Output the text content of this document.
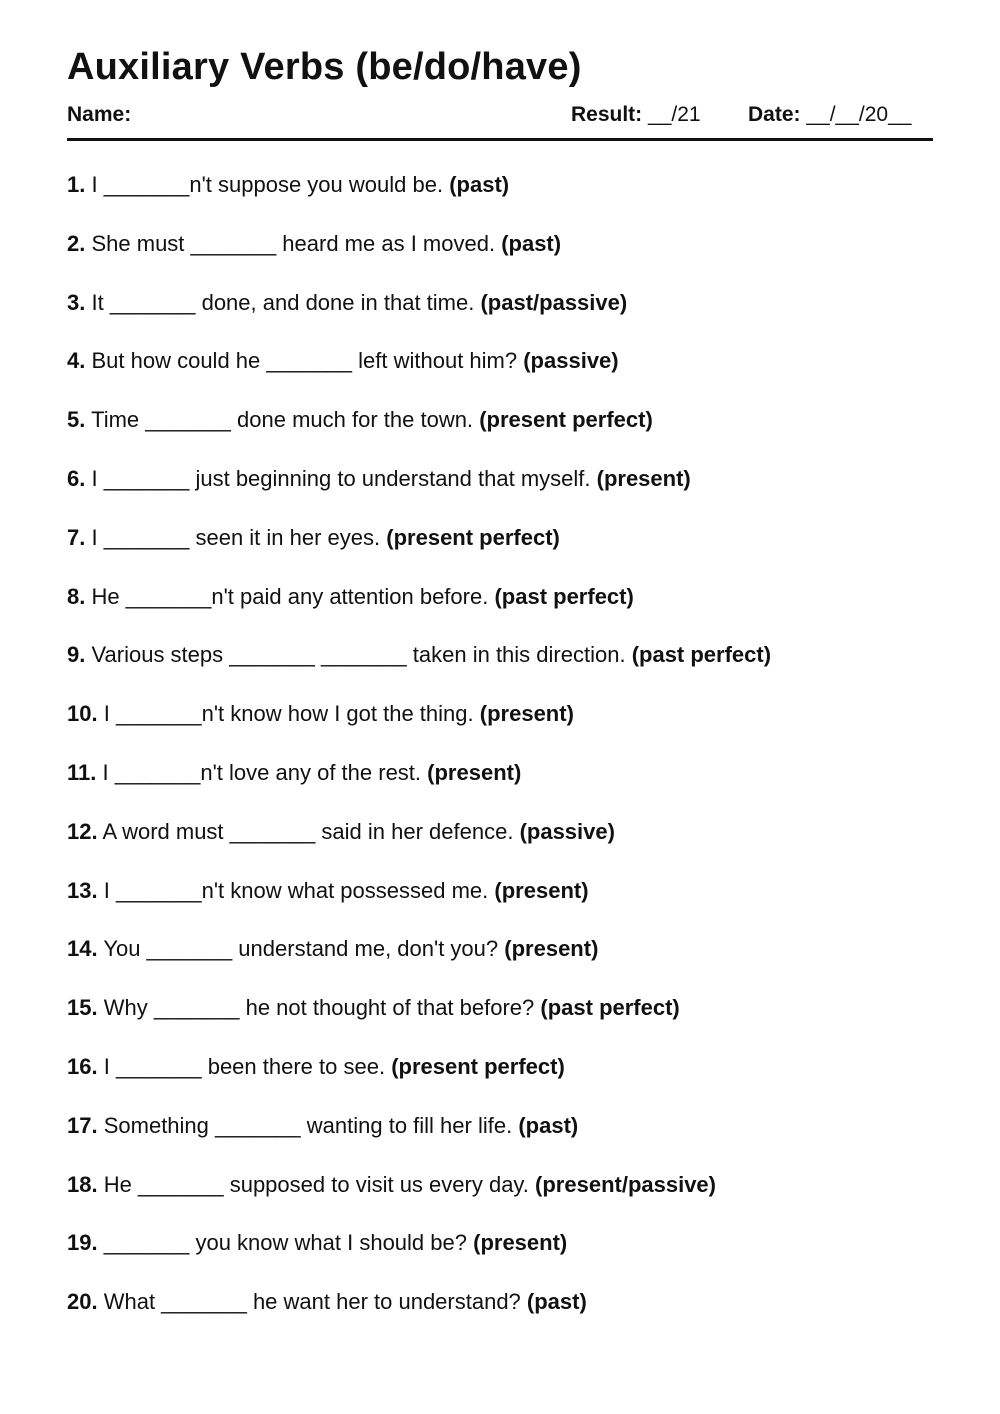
Auxiliary Verbs (be/do/have)
Name:	Result: __/21 Date: __/__/20__
1. I _______n't suppose you would be. (past)
2. She must _______ heard me as I moved. (past)
3. It _______ done, and done in that time. (past/passive)
4. But how could he _______ left without him? (passive)
5. Time _______ done much for the town. (present perfect)
6. I _______ just beginning to understand that myself. (present)
7. I _______ seen it in her eyes. (present perfect)
8. He _______n't paid any attention before. (past perfect)
9. Various steps _______ _______ taken in this direction. (past perfect)
10. I _______n't know how I got the thing. (present)
11. I _______n't love any of the rest. (present)
12. A word must _______ said in her defence. (passive)
13. I _______n't know what possessed me. (present)
14. You _______ understand me, don't you? (present)
15. Why _______ he not thought of that before? (past perfect)
16. I _______ been there to see. (present perfect)
17. Something _______ wanting to fill her life. (past)
18. He _______ supposed to visit us every day. (present/passive)
19. _______ you know what I should be? (present)
20. What _______ he want her to understand? (past)
